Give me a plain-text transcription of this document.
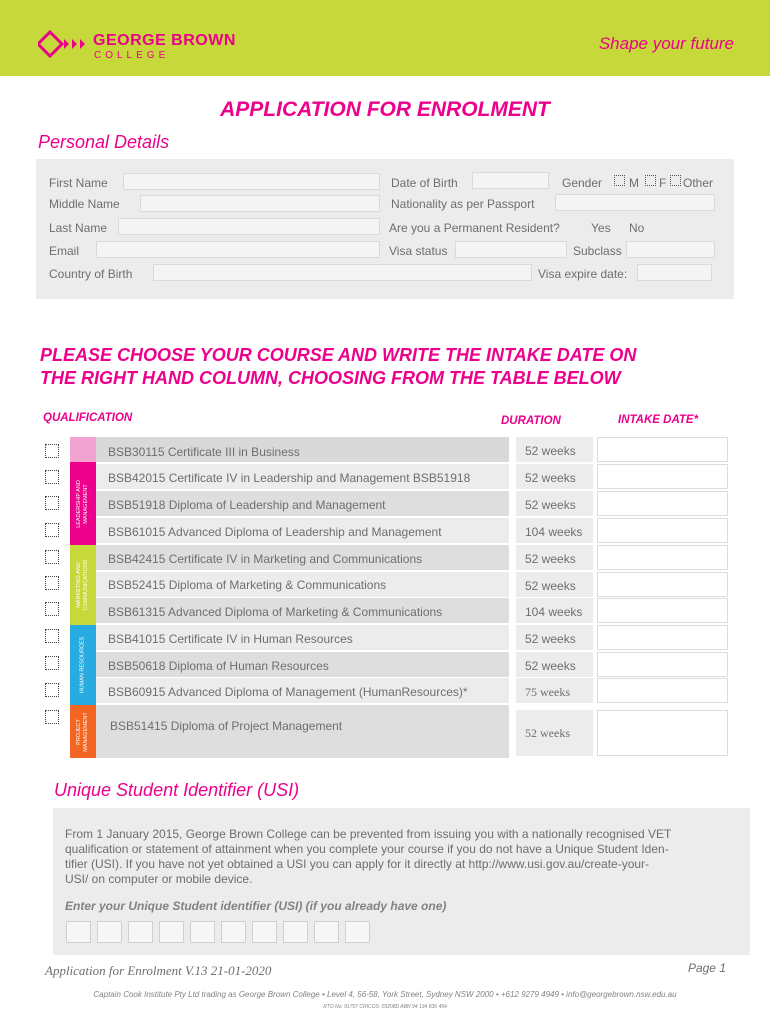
GEORGE BROWN
COLLEGE
Shape your future
APPLICATION FOR ENROLMENT
Personal Details
First Name	Date of Birth	Gender M F Other
Middle Name	Nationality as per Passport
Last Name	Are you a Permanent Resident?	Yes No
Email	Visa status	Subclass
Country of Birth	Visa expire date:
PLEASE CHOOSE YOUR COURSE AND WRITE THE INTAKE DATE ON
THE RIGHT HAND COLUMN, CHOOSING FROM THE TABLE BELOW
QUALIFICATION	DURATION	INTAKE DATE*
LEADERSHIP AND MANAGEMENT
MARKETING AND COMMUNICATIONS
HUMAN RESOURCES
PROJECT MANAGEMENT
BSB30115 Certificate III in Business	52 weeks
BSB42015 Certificate IV in Leadership and Management BSB51918	52 weeks
BSB51918 Diploma of Leadership and Management	52 weeks
BSB61015 Advanced Diploma of Leadership and Management	104 weeks
BSB42415 Certificate IV in Marketing and Communications	52 weeks
BSB52415 Diploma of Marketing & Communications	52 weeks
BSB61315 Advanced Diploma of Marketing & Communications	104 weeks
BSB41015 Certificate IV in Human Resources	52 weeks
BSB50618 Diploma of Human Resources	52 weeks
BSB60915 Advanced Diploma of Management (HumanResources)*	75 weeks
BSB51415 Diploma of Project Management	52 weeks
Unique Student Identifier (USI)
From 1 January 2015, George Brown College can be prevented from issuing you with a nationally recognised VET
qualification or statement of attainment when you complete your course if you do not have a Unique Student Iden-
tifier (USI). If you have not yet obtained a USI you can apply for it directly at http://www.usi.gov.au/create-your-
USI/ on computer or mobile device.
Enter your Unique Student identifier (USI) (if you already have one)
Application for Enrolment V.13 21-01-2020	Page 1
Captain Cook Institute Pty Ltd trading as George Brown College • Level 4, 56-58, York Street, Sydney NSW 2000 • +612 9279 4949 • info@georgebrown.nsw.edu.au
RTO No: 91707 CRICOS: 03208D ABN 94 134 836 454
